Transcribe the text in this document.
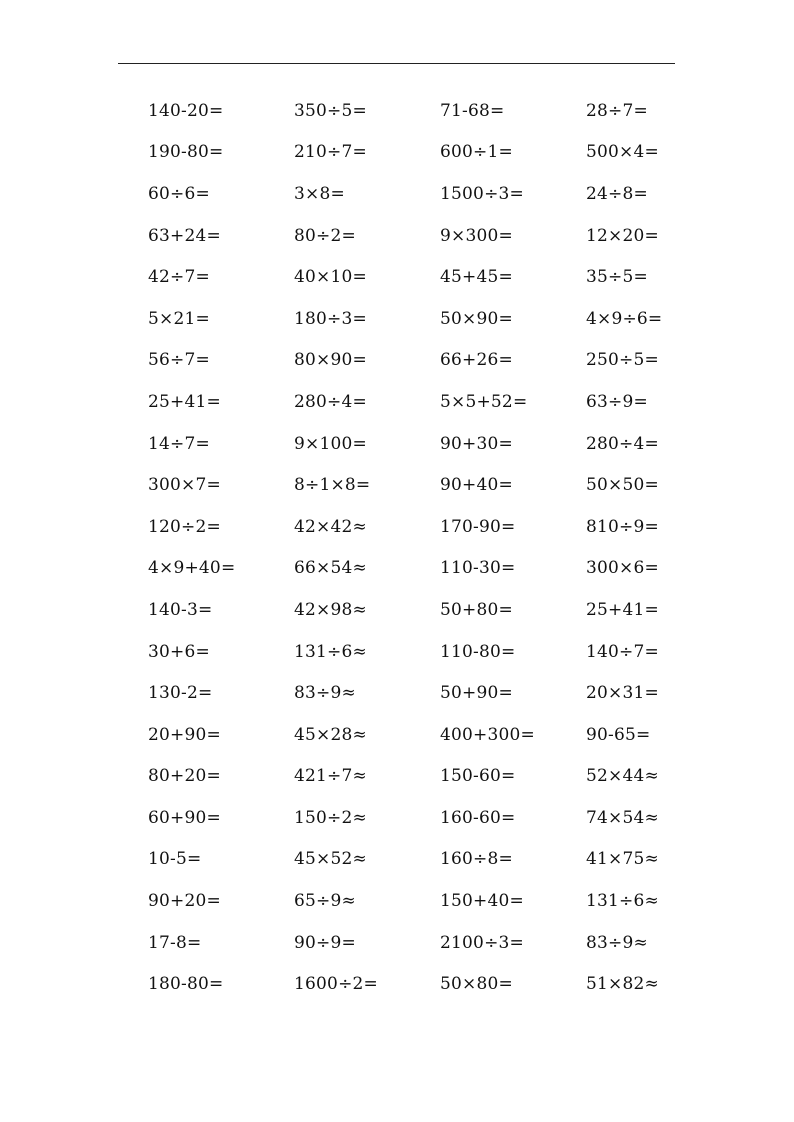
140-20=	350÷5=	71-68=	28÷7=
190-80=	210÷7=	600÷1=	500×4=
60÷6=	3×8=	1500÷3=	24÷8=
63+24=	80÷2=	9×300=	12×20=
42÷7=	40×10=	45+45=	35÷5=
5×21=	180÷3=	50×90=	4×9÷6=
56÷7=	80×90=	66+26=	250÷5=
25+41=	280÷4=	5×5+52=	63÷9=
14÷7=	9×100=	90+30=	280÷4=
300×7=	8÷1×8=	90+40=	50×50=
120÷2=	42×42≈	170-90=	810÷9=
4×9+40=	66×54≈	110-30=	300×6=
140-3=	42×98≈	50+80=	25+41=
30+6=	131÷6≈	110-80=	140÷7=
130-2=	83÷9≈	50+90=	20×31=
20+90=	45×28≈	400+300=	90-65=
80+20=	421÷7≈	150-60=	52×44≈
60+90=	150÷2≈	160-60=	74×54≈
10-5=	45×52≈	160÷8=	41×75≈
90+20=	65÷9≈	150+40=	131÷6≈
17-8=	90÷9=	2100÷3=	83÷9≈
180-80=	1600÷2=	50×80=	51×82≈
